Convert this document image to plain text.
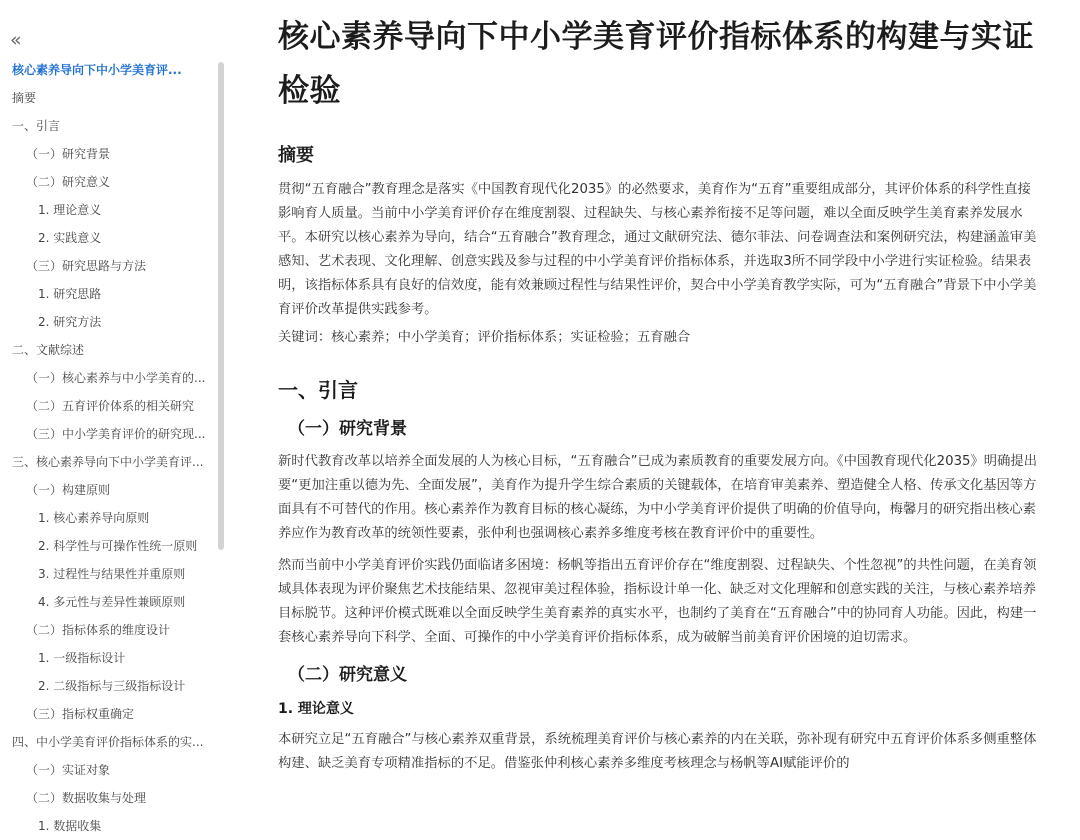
«
核心素养导向下中小学美育评...
摘要
一、引言
（一）研究背景
（二）研究意义
1. 理论意义
2. 实践意义
（三）研究思路与方法
1. 研究思路
2. 研究方法
二、文献综述
（一）核心素养与中小学美育的...
（二）五育评价体系的相关研究
（三）中小学美育评价的研究现...
三、核心素养导向下中小学美育评...
（一）构建原则
1. 核心素养导向原则
2. 科学性与可操作性统一原则
3. 过程性与结果性并重原则
4. 多元性与差异性兼顾原则
（二）指标体系的维度设计
1. 一级指标设计
2. 二级指标与三级指标设计
（三）指标权重确定
四、中小学美育评价指标体系的实...
（一）实证对象
（二）数据收集与处理
1. 数据收集
核心素养导向下中小学美育评价指标体系的构建与实证检验
摘要

贯彻“五育融合”教育理念是落实《中国教育现代化2035》的必然要求，美育作为“五育”重要组成部分，其评价体系的科学性直接影响育人质量。当前中小学美育评价存在维度割裂、过程缺失、与核心素养衔接不足等问题，难以全面反映学生美育素养发展水平。本研究以核心素养为导向，结合“五育融合”教育理念，通过文献研究法、德尔菲法、问卷调查法和案例研究法，构建涵盖审美感知、艺术表现、文化理解、创意实践及参与过程的中小学美育评价指标体系，并选取3所不同学段中小学进行实证检验。结果表明，该指标体系具有良好的信效度，能有效兼顾过程性与结果性评价，契合中小学美育教学实际，可为“五育融合”背景下中小学美育评价改革提供实践参考。

关键词：核心素养；中小学美育；评价指标体系；实证检验；五育融合

一、引言
（一）研究背景

新时代教育改革以培养全面发展的人为核心目标，“五育融合”已成为素质教育的重要发展方向。《中国教育现代化2035》明确提出要“更加注重以德为先、全面发展”，美育作为提升学生综合素质的关键载体，在培育审美素养、塑造健全人格、传承文化基因等方面具有不可替代的作用。核心素养作为教育目标的核心凝练，为中小学美育评价提供了明确的价值导向，梅馨月的研究指出核心素养应作为教育改革的统领性要素，张仲利也强调核心素养多维度考核在教育评价中的重要性。

然而当前中小学美育评价实践仍面临诸多困境：杨帆等指出五育评价存在“维度割裂、过程缺失、个性忽视”的共性问题，在美育领域具体表现为评价聚焦艺术技能结果、忽视审美过程体验，指标设计单一化、缺乏对文化理解和创意实践的关注，与核心素养培养目标脱节。这种评价模式既难以全面反映学生美育素养的真实水平，也制约了美育在“五育融合”中的协同育人功能。因此，构建一套核心素养导向下科学、全面、可操作的中小学美育评价指标体系，成为破解当前美育评价困境的迫切需求。

（二）研究意义
1. 理论意义

本研究立足“五育融合”与核心素养双重背景，系统梳理美育评价与核心素养的内在关联，弥补现有研究中五育评价体系多侧重整体构建、缺乏美育专项精准指标的不足。借鉴张仲利核心素养多维度考核理念与杨帆等AI赋能评价的
